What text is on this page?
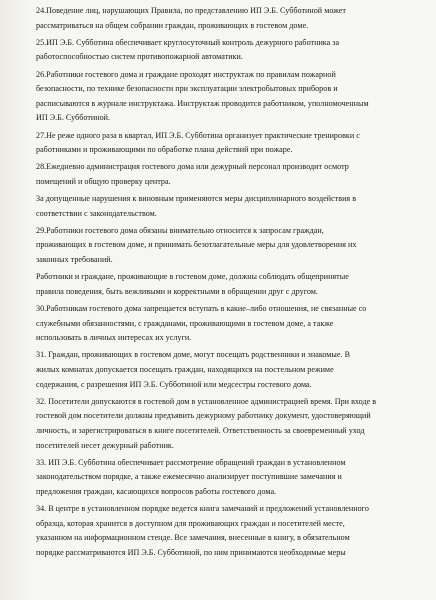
24.Поведение лиц, нарушающих Правила, по представлению ИП Э.Б. Субботиной может
рассматриваться на общем собрании граждан, проживающих в гостевом доме.
25.ИП Э.Б. Субботина обеспечивает круглосуточный контроль дежурного работника за
работоспособностью систем противопожарной автоматики.
26.Работники гостевого дома и граждане проходят инструктаж по правилам пожарной
безопасности, по технике безопасности при эксплуатации электробытовых приборов и
расписываются в журнале инструктажа. Инструктаж проводится работником, уполномоченным
ИП Э.Б. Субботиной.
27.Не реже одного раза в квартал, ИП Э.Б. Субботина организует практические тренировки с
работниками и проживающими по обработке плана действий при пожаре.
28.Ежедневно администрация гостевого дома или дежурный персонал производит осмотр
помещений и общую проверку центра.
За допущенные нарушения к виновным применяются меры дисциплинарного воздействия в
соответствии с законодательством.
29.Работники гостевого дома обязаны внимательно относится к запросам граждан,
проживающих в гостевом доме, и принимать безотлагательные меры для удовлетворения их
законных требований.
Работники и граждане, проживающие в гостевом доме, должны соблюдать общепринятые
правила поведения, быть вежливыми и корректными в обращении друг с другом.
30.Работникам гостевого дома запрещается вступать в какие–либо отношения, не связанные со
служебными обязанностями, с гражданами, проживающими в гостевом доме, а также
использовать в личных интересах их услуги.
31. Граждан, проживающих в гостевом доме, могут посещать родственники и знакомые. В
жилых комнатах допускается посещать граждан, находящихся на постельном режиме
содержания, с разрешения ИП Э.Б. Субботиной или медсестры гостевого дома.
32. Посетители допускаются в гостевой дом в установленное администрацией время. При входе в
гостевой дом посетители должны предъявить дежурному работнику документ, удостоверяющий
личность, и зарегистрироваться в книге посетителей. Ответственность за своевременный уход
посетителей несет дежурный работник.
33. ИП Э.Б. Субботина обеспечивает рассмотрение обращений граждан в установленном
законодательством порядке, а также ежемесячно анализирует поступившие замечания и
предложения граждан, касающихся вопросов работы гостевого дома.
34. В центре в установленном порядке ведется книга замечаний и предложений установленного
образца, которая хранится в доступном для проживающих граждан и посетителей месте,
указанном на информационном стенде. Все замечания, внесенные в книгу, в обязательном
порядке рассматриваются ИП Э.Б. Субботиной, по ним принимаются необходимые меры
